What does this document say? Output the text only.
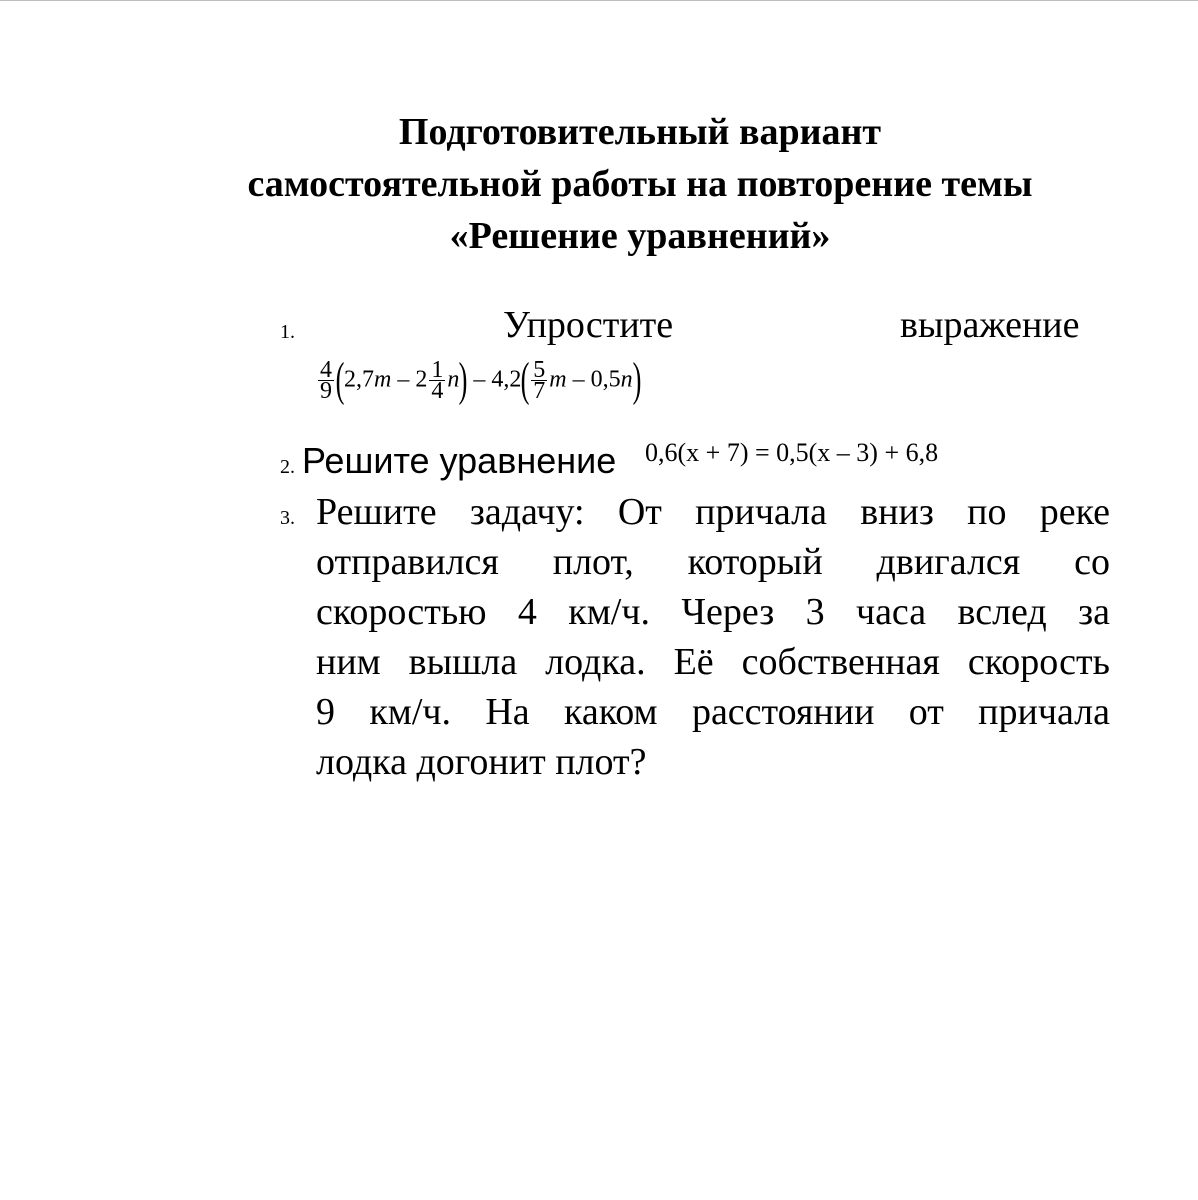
Подготовительный вариант
самостоятельной работы на повторение темы
«Решение уравнений»
1.	Упростите	выражение
$\frac{4}{9} (2,7m - 2 \frac{1}{4} n) - 4,2( \frac{5}{7}$ m – 0,5n)
2. Решите уравнение 0,6(x + 7) = 0,5(x – 3) + 6,8
3. Решите задачу: От причала вниз по реке
отправился плот, который двигался со
скоростью 4 км/ч. Через 3 часа вслед за
ним вышла лодка. Её собственная скорость
9 км/ч. На каком расстоянии от причала
лодка догонит плот?
